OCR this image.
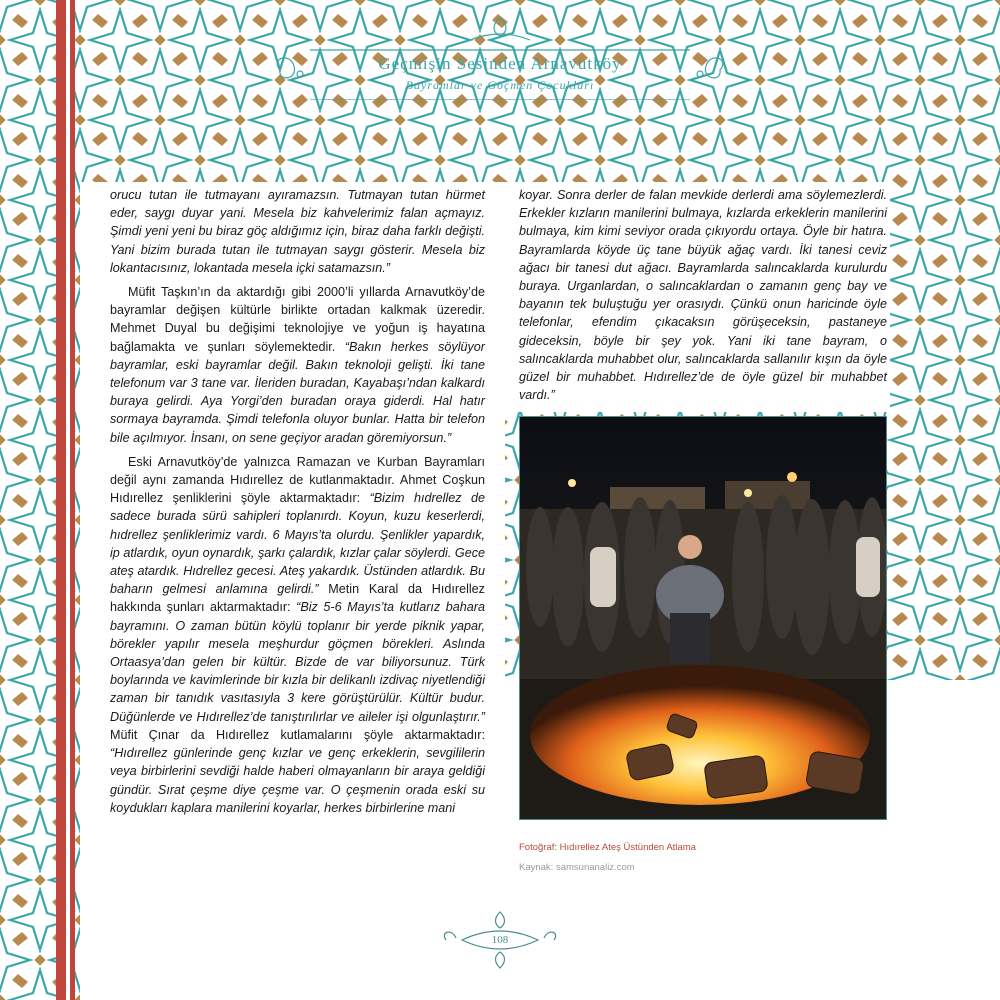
Geçmişin Sesinden Arnavutköy
Bayramlar ve Göçmen Çocukları

orucu tutan ile tutmayanı ayıramazsın. Tutmayan tutan hürmet eder, saygı duyar yani. Mesela biz kahvelerimiz falan açmayız. Şimdi yeni yeni bu biraz göç aldığımız için, biraz daha farklı değişti. Yani bizim burada tutan ile tutmayan saygı gösterir. Mesela biz lokantacısınız, lokantada mesela içki satamazsın.”

Müfit Taşkın’ın da aktardığı gibi 2000’li yıllarda Arnavutköy’de bayramlar değişen kültürle birlikte ortadan kalkmak üzeredir. Mehmet Duyal bu değişimi teknolojiye ve yoğun iş hayatına bağlamakta ve şunları söylemektedir. “Bakın herkes söylüyor bayramlar, eski bayramlar değil. Bakın teknoloji gelişti. İki tane telefonum var 3 tane var. İleriden buradan, Kayabaşı’ndan kalkardı buraya gelirdi. Aya Yorgi’den buradan oraya giderdi. Hal hatır sormaya bayramda. Şimdi telefonla oluyor bunlar. Hatta bir telefon bile açılmıyor. İnsanı, on sene geçiyor aradan göremiyorsun.”

Eski Arnavutköy’de yalnızca Ramazan ve Kurban Bayramları değil aynı zamanda Hıdırellez de kutlanmaktadır. Ahmet Coşkun Hıdırellez şenliklerini şöyle aktarmaktadır: “Bizim hıdrellez de sadece burada sürü sahipleri toplanırdı. Koyun, kuzu keserlerdi, hıdrellez şenliklerimiz vardı. 6 Mayıs’ta olurdu. Şenlikler yapardık, ip atlardık, oyun oynardık, şarkı çalardık, kızlar çalar söylerdi. Gece ateş atardık. Hıdrellez gecesi. Ateş yakardık. Üstünden atlardık. Bu baharın gelmesi anlamına gelirdi.” Metin Karal da Hıdırellez hakkında şunları aktarmaktadır: “Biz 5-6 Mayıs’ta kutlarız bahara bayramını. O zaman bütün köylü toplanır bir yerde piknik yapar, börekler yapılır mesela meşhurdur göçmen börekleri. Aslında Ortaasya’dan gelen bir kültür. Bizde de var biliyorsunuz. Türk boylarında ve kavimlerinde bir kızla bir delikanlı izdivaç niyetlendiği zaman bir tanıdık vasıtasıyla 3 kere görüştürülür. Kültür budur. Düğünlerde ve Hıdırellez’de tanıştırılırlar ve aileler işi olgunlaştırır.” Müfit Çınar da Hıdırellez kutlamalarını şöyle aktarmaktadır: “Hıdırellez günlerinde genç kızlar ve genç erkeklerin, sevgililerin veya birbirlerini sevdiği halde haberi olmayanların bir araya geldiği gündür. Sırat çeşme diye çeşme var. O çeşmenin orada eski su koydukları kaplara manilerini koyarlar, herkes birbirlerine mani

koyar. Sonra derler de falan mevkide derlerdi ama söylemezlerdi. Erkekler kızların manilerini bulmaya, kızlarda erkeklerin manilerini bulmaya, kim kimi seviyor orada çıkıyordu ortaya. Öyle bir hatıra. Bayramlarda köyde üç tane büyük ağaç vardı. İki tanesi ceviz ağacı bir tanesi dut ağacı. Bayramlarda salıncaklarda kurulurdu buraya. Urganlardan, o salıncaklardan o zamanın genç bay ve bayanın tek buluştuğu yer orasıydı. Çünkü onun haricinde öyle telefonlar, efendim çıkacaksın görüşeceksin, pastaneye gideceksin, böyle bir şey yok. Yani iki tane bayram, o salıncaklarda muhabbet olur, salıncaklarda sallanılır kışın da öyle güzel bir muhabbet. Hıdırellez’de de öyle güzel bir muhabbet vardı.”

Fotoğraf: Hıdırellez Ateş Üstünden Atlama
Kaynak: samsunanaliz.com
108
